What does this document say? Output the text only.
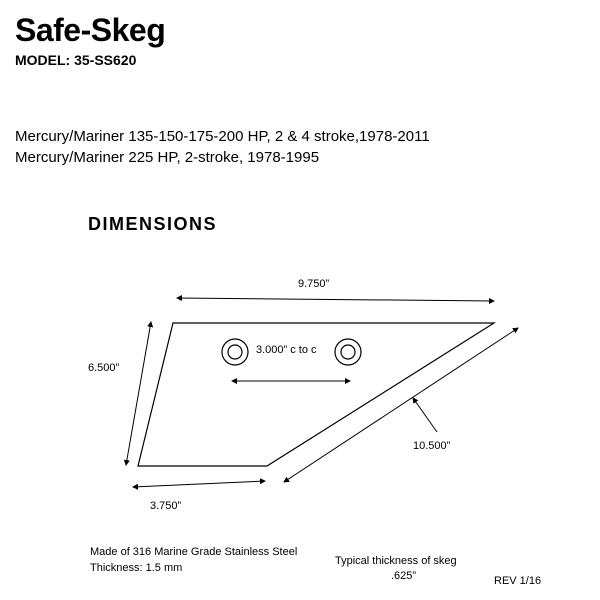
Safe-Skeg
MODEL: 35-SS620
Mercury/Mariner 135-150-175-200 HP, 2 & 4 stroke,1978-2011
Mercury/Mariner 225 HP, 2-stroke, 1978-1995
DIMENSIONS
9.750”
6.500”
3.000” c to c
10.500”
3.750”
Made of 316 Marine Grade Stainless Steel
Thickness: 1.5 mm
Typical thickness of skeg
.625”	REV 1/16
